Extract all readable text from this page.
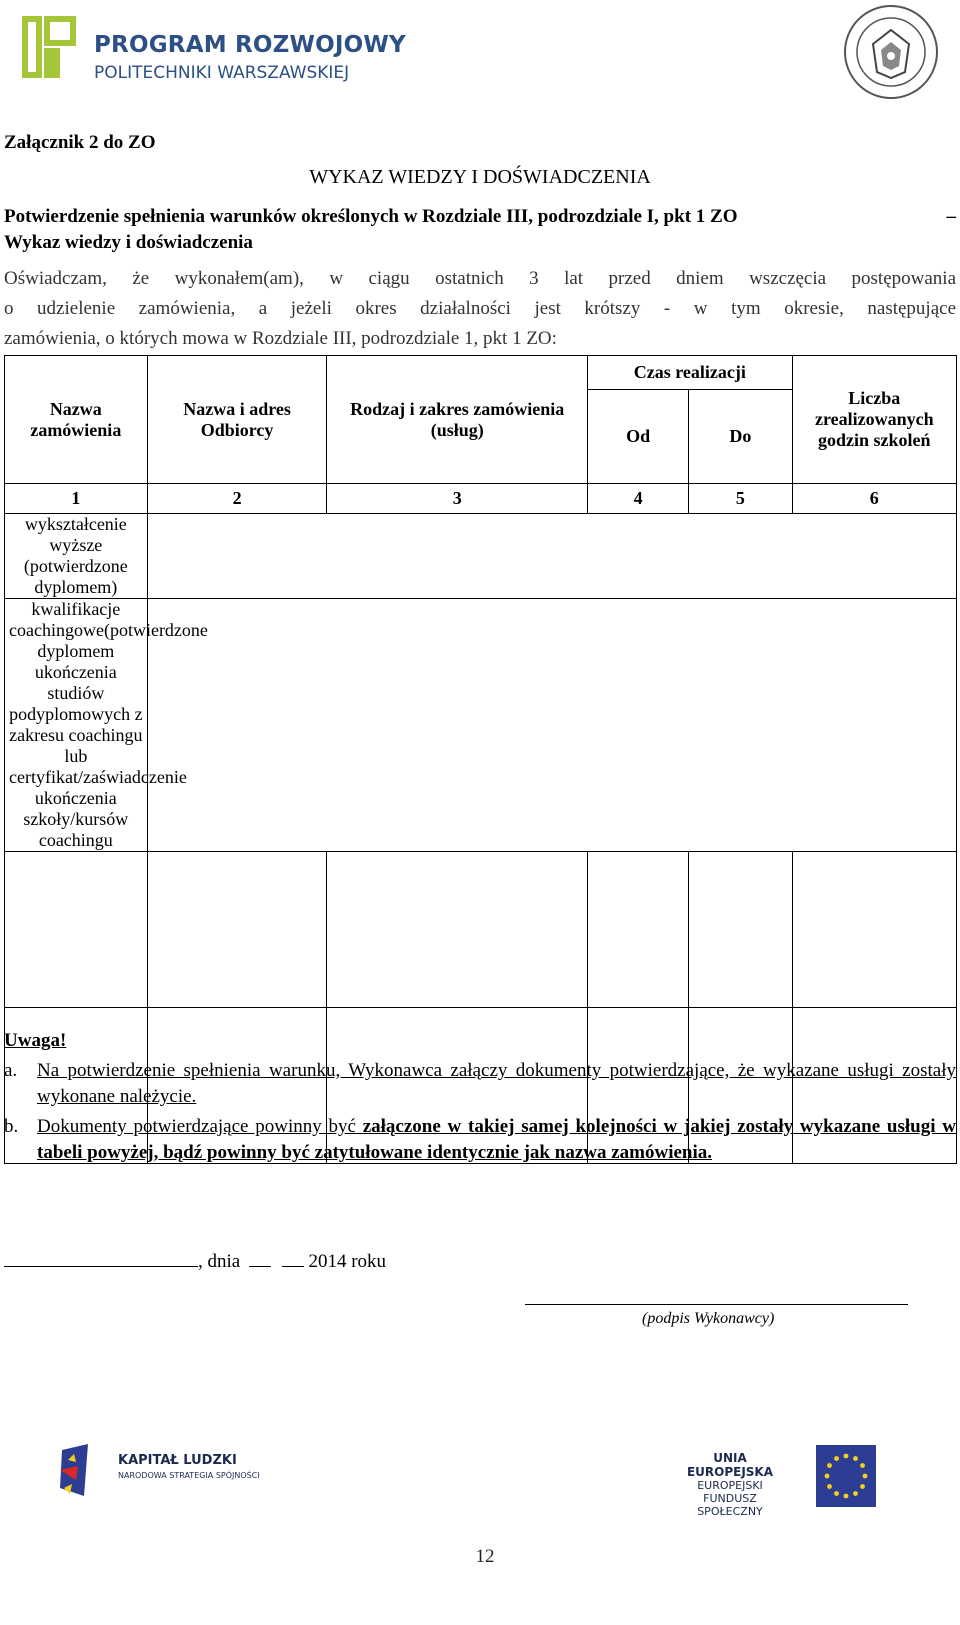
PROGRAM ROZWOJOWY
POLITECHNIKI WARSZAWSKIEJ
Załącznik 2 do ZO
WYKAZ WIEDZY I DOŚWIADCZENIA
Potwierdzenie spełnienia warunków określonych w Rozdziale III, podrozdziale I, pkt 1 ZO	–
Wykaz wiedzy i doświadczenia
Oświadczam, że wykonałem(am), w ciągu ostatnich 3 lat przed dniem wszczęcia postępowania
o udzielenie zamówienia, a jeżeli okres działalności jest krótszy - w tym okresie, następujące
zamówienia, o których mowa w Rozdziale III, podrozdziale 1, pkt 1 ZO:
Nazwa zamówienia	Nazwa i adres Odbiorcy	Rodzaj i zakres zamówienia (usług)	Czas realizacji		Liczba zrealizowanych godzin szkoleń
			Od	Do	
1	2	3	4	5	6
wykształcenie wyższe (potwierdzone dyplomem)					
kwalifikacje coachingowe(potwierdzone dyplomem ukończenia studiów podyplomowych z zakresu coachingu lub certyfikat/zaświadczenie ukończenia szkoły/kursów coachingu					

Uwaga!
a. Na potwierdzenie spełnienia warunku, Wykonawca załączy dokumenty potwierdzające, że wykazane usługi zostały wykonane należycie.
b. Dokumenty potwierdzające powinny być załączone w takiej samej kolejności w jakiej zostały wykazane usługi w tabeli powyżej, bądź powinny być zatytułowane identycznie jak nazwa zamówienia.
, dnia	2014 roku
(podpis Wykonawcy)
KAPITAŁ LUDZKI
NARODOWA STRATEGIA SPÓJNOŚCI
UNIA EUROPEJSKA
EUROPEJSKI
FUNDUSZ SPOŁECZNY
12
